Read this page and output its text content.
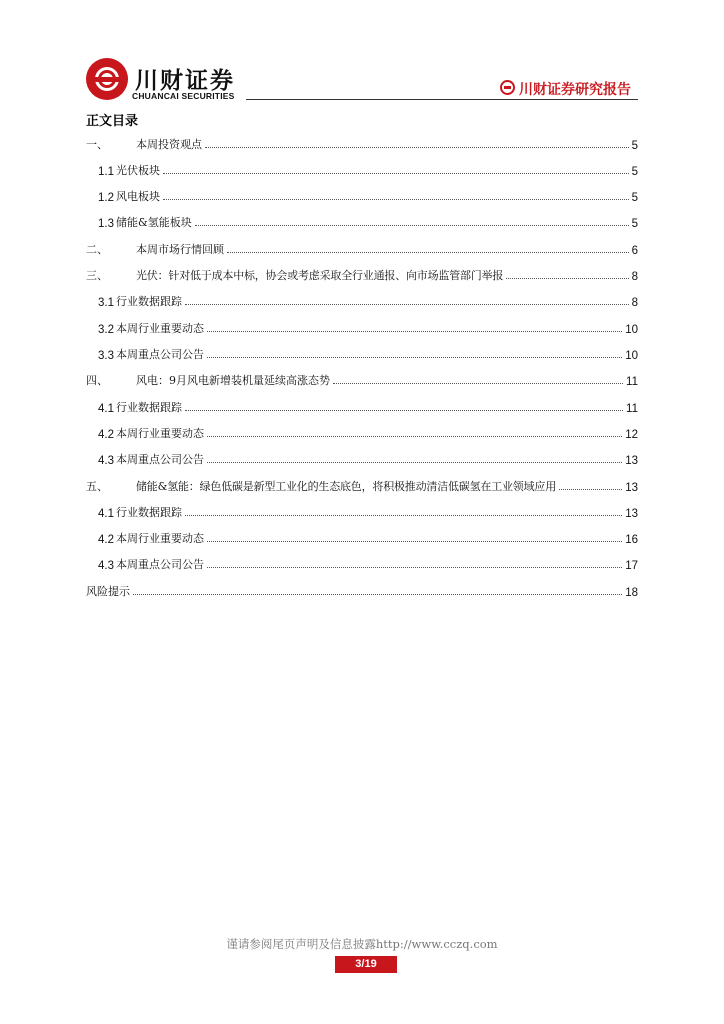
川财证券
CHUANCAI SECURITIES	川财证券研究报告
正文目录
一、	本周投资观点	5
1.1 光伏板块	5
1.2 风电板块	5
1.3 储能&氢能板块	5
二、	本周市场行情回顾	6
三、	光伏：针对低于成本中标，协会或考虑采取全行业通报、向市场监管部门举报	8
3.1 行业数据跟踪	8
3.2 本周行业重要动态	10
3.3 本周重点公司公告	10
四、	风电：9月风电新增装机量延续高涨态势	11
4.1 行业数据跟踪	11
4.2 本周行业重要动态	12
4.3 本周重点公司公告	13
五、	储能&氢能：绿色低碳是新型工业化的生态底色，将积极推动清洁低碳氢在工业领域应用	13
4.1 行业数据跟踪	13
4.2 本周行业重要动态	16
4.3 本周重点公司公告	17
风险提示	18
谨请参阅尾页声明及信息披露http://www.cczq.com
3/19
